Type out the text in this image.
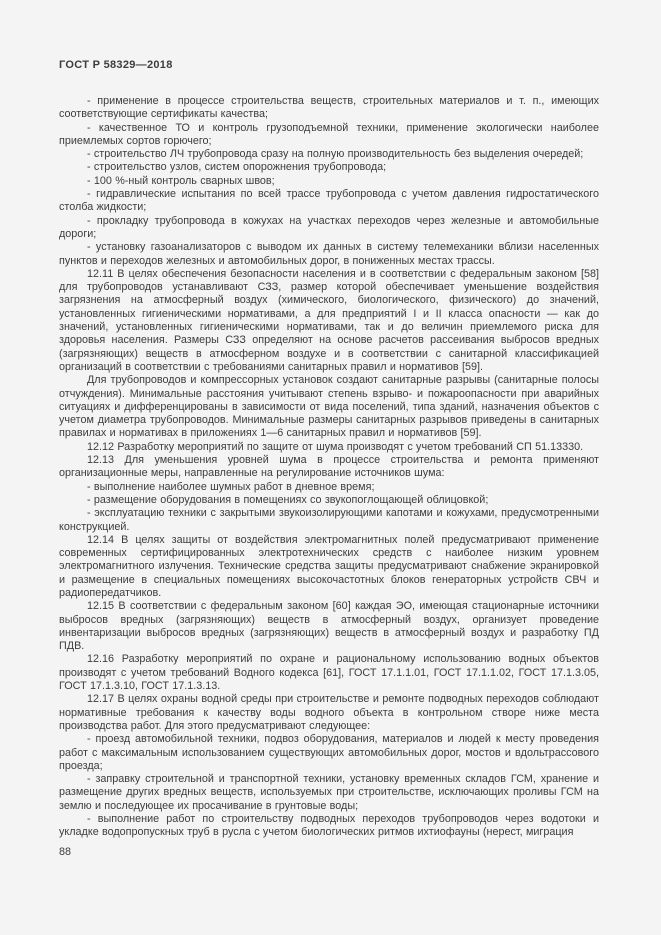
ГОСТ Р 58329—2018

- применение в процессе строительства веществ, строительных материалов и т. п., имеющих соответствующие сертификаты качества;

- качественное ТО и контроль грузоподъемной техники, применение экологически наиболее приемлемых сортов горючего;

- строительство ЛЧ трубопровода сразу на полную производительность без выделения очередей;

- строительство узлов, систем опорожнения трубопровода;

- 100 %-ный контроль сварных швов;

- гидравлические испытания по всей трассе трубопровода с учетом давления гидростатического столба жидкости;

- прокладку трубопровода в кожухах на участках переходов через железные и автомобильные дороги;

- установку газоанализаторов с выводом их данных в систему телемеханики вблизи населенных пунктов и переходов железных и автомобильных дорог, в пониженных местах трассы.

12.11 В целях обеспечения безопасности населения и в соответствии с федеральным законом [58] для трубопроводов устанавливают СЗЗ, размер которой обеспечивает уменьшение воздействия загрязнения на атмосферный воздух (химического, биологического, физического) до значений, установленных гигиеническими нормативами, а для предприятий I и II класса опасности — как до значений, установленных гигиеническими нормативами, так и до величин приемлемого риска для здоровья населения. Размеры СЗЗ определяют на основе расчетов рассеивания выбросов вредных (загрязняющих) веществ в атмосферном воздухе и в соответствии с санитарной классификацией организаций в соответствии с требованиями санитарных правил и нормативов [59].

Для трубопроводов и компрессорных установок создают санитарные разрывы (санитарные полосы отчуждения). Минимальные расстояния учитывают степень взрыво- и пожароопасности при аварийных ситуациях и дифференцированы в зависимости от вида поселений, типа зданий, назначения объектов с учетом диаметра трубопроводов. Минимальные размеры санитарных разрывов приведены в санитарных правилах и нормативах в приложениях 1—6 санитарных правил и нормативов [59].

12.12 Разработку мероприятий по защите от шума производят с учетом требований СП 51.13330.

12.13 Для уменьшения уровней шума в процессе строительства и ремонта применяют организационные меры, направленные на регулирование источников шума:

- выполнение наиболее шумных работ в дневное время;

- размещение оборудования в помещениях со звукопоглощающей облицовкой;

- эксплуатацию техники с закрытыми звукоизолирующими капотами и кожухами, предусмотренными конструкцией.

12.14 В целях защиты от воздействия электромагнитных полей предусматривают применение современных сертифицированных электротехнических средств с наиболее низким уровнем электромагнитного излучения. Технические средства защиты предусматривают снабжение экранировкой и размещение в специальных помещениях высокочастотных блоков генераторных устройств СВЧ и радиопередатчиков.

12.15 В соответствии с федеральным законом [60] каждая ЭО, имеющая стационарные источники выбросов вредных (загрязняющих) веществ в атмосферный воздух, организует проведение инвентаризации выбросов вредных (загрязняющих) веществ в атмосферный воздух и разработку ПД ПДВ.

12.16 Разработку мероприятий по охране и рациональному использованию водных объектов производят с учетом требований Водного кодекса [61], ГОСТ 17.1.1.01, ГОСТ 17.1.1.02, ГОСТ 17.1.3.05, ГОСТ 17.1.3.10, ГОСТ 17.1.3.13.

12.17 В целях охраны водной среды при строительстве и ремонте подводных переходов соблюдают нормативные требования к качеству воды водного объекта в контрольном створе ниже места производства работ. Для этого предусматривают следующее:

- проезд автомобильной техники, подвоз оборудования, материалов и людей к месту проведения работ с максимальным использованием существующих автомобильных дорог, мостов и вдольтрассового проезда;

- заправку строительной и транспортной техники, установку временных складов ГСМ, хранение и размещение других вредных веществ, используемых при строительстве, исключающих проливы ГСМ на землю и последующее их просачивание в грунтовые воды;

- выполнение работ по строительству подводных переходов трубопроводов через водотоки и укладке водопропускных труб в русла с учетом биологических ритмов ихтиофауны (нерест, миграция

88
